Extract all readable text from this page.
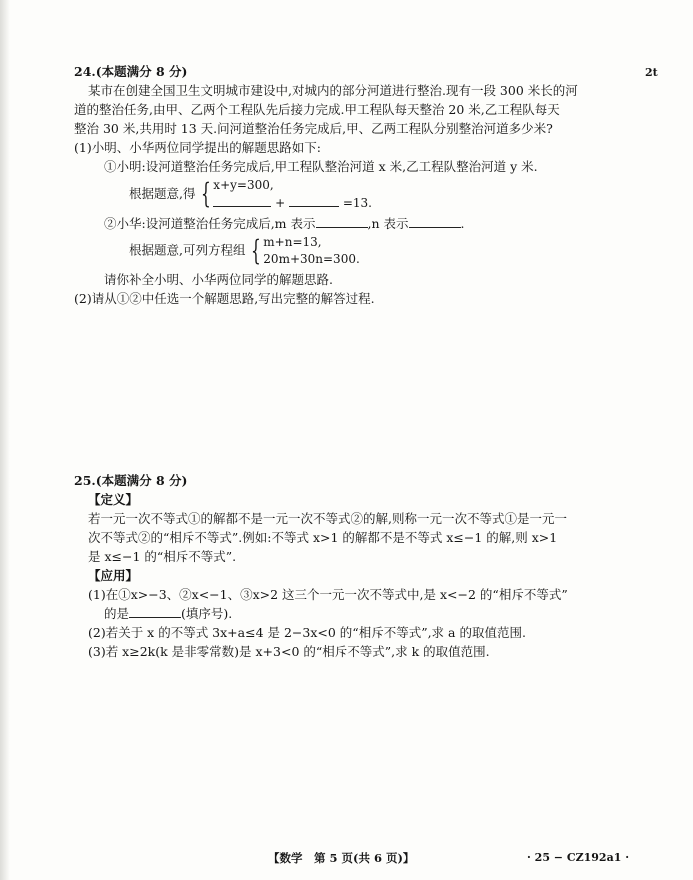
2t

24.(本题满分 8 分)

某市在创建全国卫生文明城市建设中,对城内的部分河道进行整治.现有一段 300 米长的河

道的整治任务,由甲、乙两个工程队先后接力完成.甲工程队每天整治 20 米,乙工程队每天

整治 30 米,共用时 13 天.问河道整治任务完成后,甲、乙两工程队分别整治河道多少米?

(1)小明、小华两位同学提出的解题思路如下:

①小明:设河道整治任务完成后,甲工程队整治河道 x 米,乙工程队整治河道 y 米.

根据题意,得 { x+y=300,
+	=13.

②小华:设河道整治任务完成后,m 表示	,n 表示	.

根据题意,可列方程组 { m+n=13,
20m+30n=300.

请你补全小明、小华两位同学的解题思路.

(2)请从①②中任选一个解题思路,写出完整的解答过程.

25.(本题满分 8 分)

【定义】

若一元一次不等式①的解都不是一元一次不等式②的解,则称一元一次不等式①是一元一

次不等式②的“相斥不等式”.例如:不等式 x>1 的解都不是不等式 x≤−1 的解,则 x>1

是 x≤−1 的“相斥不等式”.

【应用】

(1)在①x>−3、②x<−1、③x>2 这三个一元一次不等式中,是 x<−2 的“相斥不等式”

的是	(填序号).

(2)若关于 x 的不等式 3x+a≤4 是 2−3x<0 的“相斥不等式”,求 a 的取值范围.

(3)若 x≥2k(k 是非零常数)是 x+3<0 的“相斥不等式”,求 k 的取值范围.

【数学　第 5 页(共 6 页)】	· 25 − CZ192a1 ·
